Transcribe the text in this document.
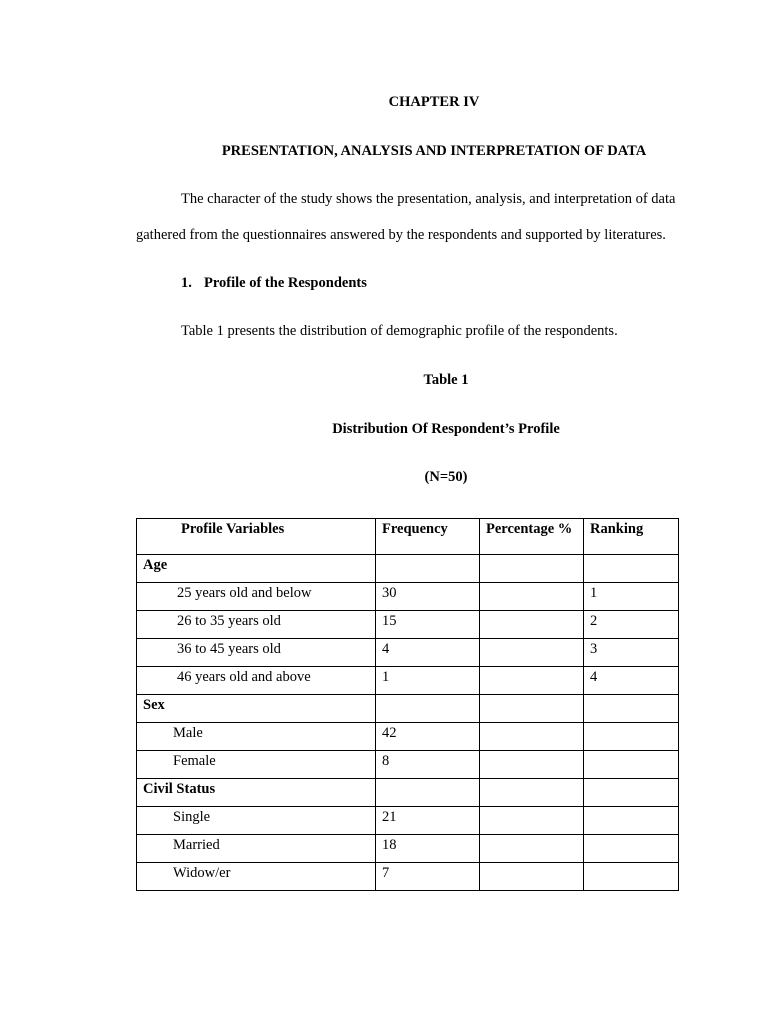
CHAPTER IV
PRESENTATION, ANALYSIS AND INTERPRETATION OF DATA
The character of the study shows the presentation, analysis, and interpretation of data
gathered from the questionnaires answered by the respondents and supported by literatures.
1. Profile of the Respondents
Table 1 presents the distribution of demographic profile of the respondents.
Table 1
Distribution Of Respondent’s Profile
(N=50)
Profile Variables	Frequency	Percentage %	Ranking
Age			
25 years old and below	30		1
26 to 35 years old	15		2
36 to 45 years old	4		3
46 years old and above	1		4
Sex			
Male	42		
Female	8		
Civil Status			
Single	21		
Married	18		
Widow/er	7		
